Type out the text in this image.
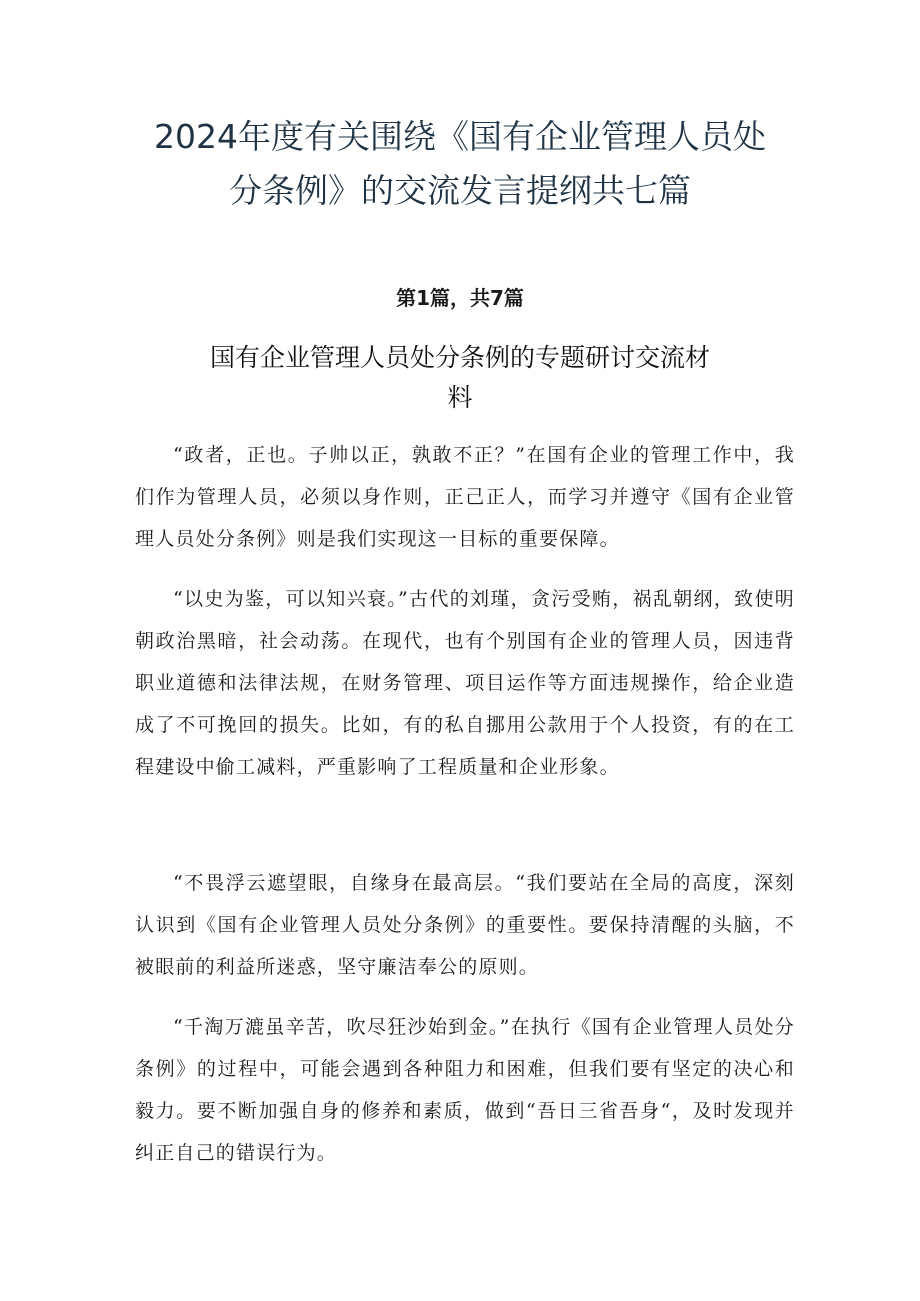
2024年度有关围绕《国有企业管理人员处
分条例》的交流发言提纲共七篇
第1篇，共7篇
国有企业管理人员处分条例的专题研讨交流材
料

“政者，正也。子帅以正，孰敢不正？”在国有企业的管理工作中，我们作为管理人员，必须以身作则，正己正人，而学习并遵守《国有企业管理人员处分条例》则是我们实现这一目标的重要保障。

“以史为鉴，可以知兴衰。”古代的刘瑾，贪污受贿，祸乱朝纲，致使明朝政治黑暗，社会动荡。在现代，也有个别国有企业的管理人员，因违背职业道德和法律法规，在财务管理、项目运作等方面违规操作，给企业造成了不可挽回的损失。比如，有的私自挪用公款用于个人投资，有的在工程建设中偷工减料，严重影响了工程质量和企业形象。

“不畏浮云遮望眼，自缘身在最高层。“我们要站在全局的高度，深刻认识到《国有企业管理人员处分条例》的重要性。要保持清醒的头脑，不被眼前的利益所迷惑，坚守廉洁奉公的原则。

“千淘万漉虽辛苦，吹尽狂沙始到金。”在执行《国有企业管理人员处分条例》的过程中，可能会遇到各种阻力和困难，但我们要有坚定的决心和毅力。要不断加强自身的修养和素质，做到“吾日三省吾身“，及时发现并纠正自己的错误行为。
